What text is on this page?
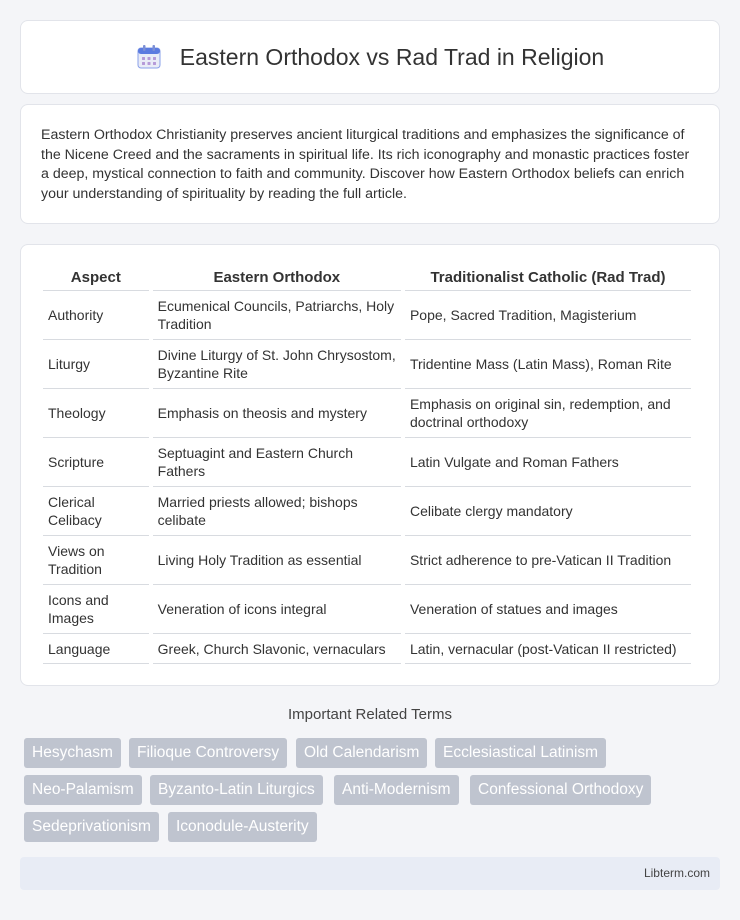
Eastern Orthodox vs Rad Trad in Religion

Eastern Orthodox Christianity preserves ancient liturgical traditions and emphasizes the significance of the Nicene Creed and the sacraments in spiritual life. Its rich iconography and monastic practices foster a deep, mystical connection to faith and community. Discover how Eastern Orthodox beliefs can enrich your understanding of spirituality by reading the full article.

Aspect	Eastern Orthodox	Traditionalist Catholic (Rad Trad)
Authority	Ecumenical Councils, Patriarchs, Holy Tradition	Pope, Sacred Tradition, Magisterium
Liturgy	Divine Liturgy of St. John Chrysostom, Byzantine Rite	Tridentine Mass (Latin Mass), Roman Rite
Theology	Emphasis on theosis and mystery	Emphasis on original sin, redemption, and doctrinal orthodoxy
Scripture	Septuagint and Eastern Church Fathers	Latin Vulgate and Roman Fathers
Clerical Celibacy	Married priests allowed; bishops celibate	Celibate clergy mandatory
Views on Tradition	Living Holy Tradition as essential	Strict adherence to pre-Vatican II Tradition
Icons and Images	Veneration of icons integral	Veneration of statues and images
Language	Greek, Church Slavonic, vernaculars	Latin, vernacular (post-Vatican II restricted)
Important Related Terms
Hesychasm	Filioque Controversy	Old Calendarism	Ecclesiastical Latinism
Neo-Palamism	Byzanto-Latin Liturgics	Anti-Modernism	Confessional Orthodoxy
Sedeprivationism	Iconodule-Austerity
Libterm.com
